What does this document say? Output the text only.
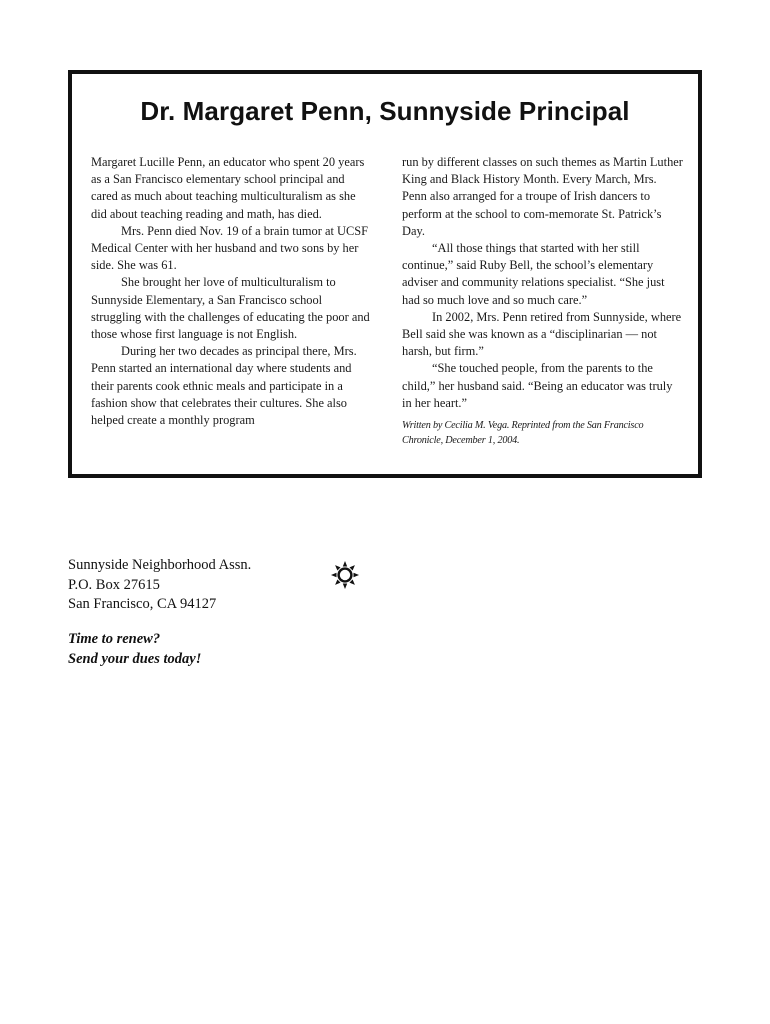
Dr. Margaret Penn, Sunnyside Principal

Margaret Lucille Penn, an educator who spent 20 years as a San Francisco elementary school principal and cared as much about teaching multiculturalism as she did about teaching reading and math, has died.

Mrs. Penn died Nov. 19 of a brain tumor at UCSF Medical Center with her husband and two sons by her side. She was 61.

She brought her love of multiculturalism to Sunnyside Elementary, a San Francisco school struggling with the challenges of educating the poor and those whose first language is not English.

During her two decades as principal there, Mrs. Penn started an international day where students and their parents cook ethnic meals and participate in a fashion show that celebrates their cultures. She also helped create a monthly program

run by different classes on such themes as Martin Luther King and Black History Month. Every March, Mrs. Penn also arranged for a troupe of Irish dancers to perform at the school to com-memorate St. Patrick’s Day.

“All those things that started with her still continue,” said Ruby Bell, the school’s elementary adviser and community relations specialist. “She just had so much love and so much care.”

In 2002, Mrs. Penn retired from Sunnyside, where Bell said she was known as a “disciplinarian — not harsh, but firm.”

“She touched people, from the parents to the child,” her husband said. “Being an educator was truly in her heart.”

Written by Cecilia M. Vega. Reprinted from the San Francisco Chronicle, December 1, 2004.

Sunnyside Neighborhood Assn.
P.O. Box 27615
San Francisco, CA 94127
Time to renew?
Send your dues today!
